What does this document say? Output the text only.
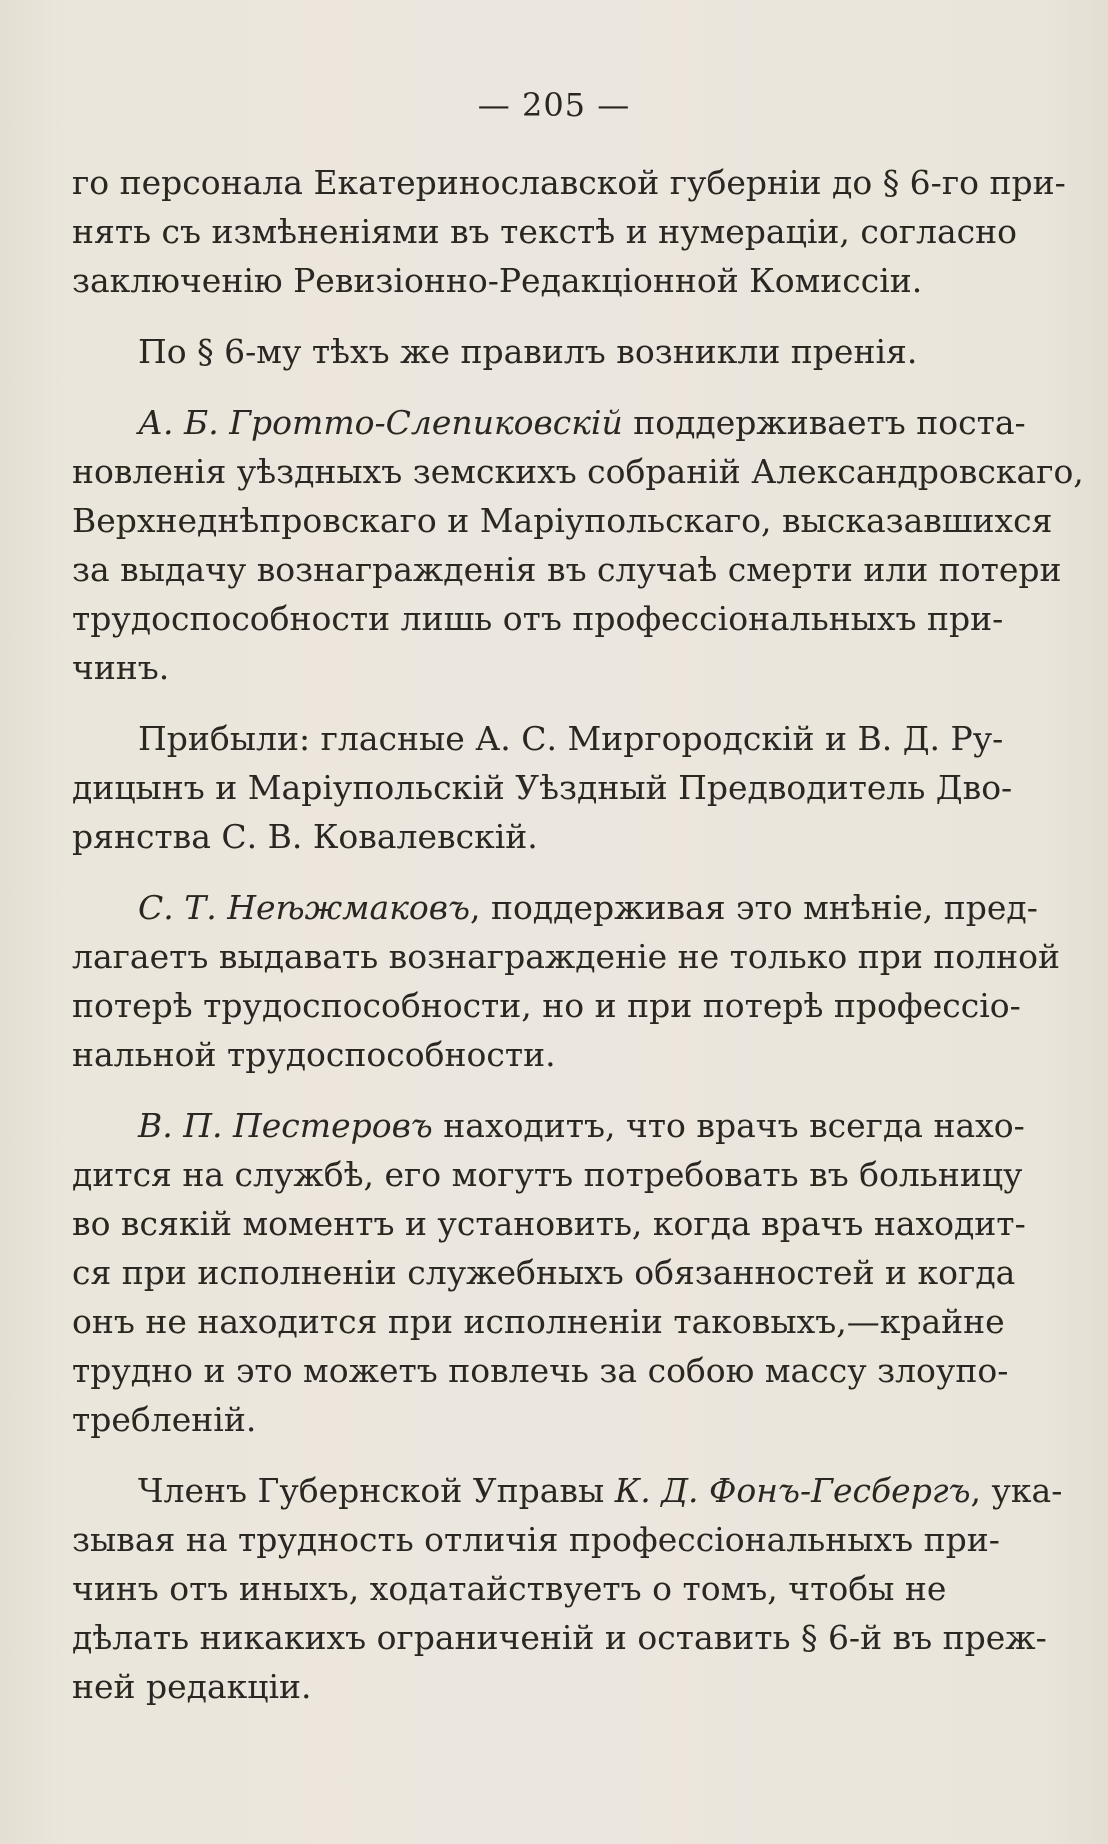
— 205 —

го персонала Екатеринославской губерніи до § 6-го при-
нять съ измѣненіями въ текстѣ и нумераціи, согласно
заключенію Ревизіонно-Редакціонной Комиссіи.

По § 6-му тѣхъ же правилъ возникли пренія.

А. Б. Гротто-Слепиковскій поддерживаетъ поста-
новленія уѣздныхъ земскихъ собраній Александровскаго,
Верхнеднѣпровскаго и Маріупольскаго, высказавшихся
за выдачу вознагражденія въ случаѣ смерти или потери
трудоспособности лишь отъ профессіональныхъ при-
чинъ.

Прибыли: гласные А. С. Миргородскій и В. Д. Ру-
дицынъ и Маріупольскій Уѣздный Предводитель Дво-
рянства С. В. Ковалевскій.

С. Т. Неѣжмаковъ, поддерживая это мнѣніе, пред-
лагаетъ выдавать вознагражденіе не только при полной
потерѣ трудоспособности, но и при потерѣ профессіо-
нальной трудоспособности.

В. П. Пестеровъ находитъ, что врачъ всегда нахо-
дится на службѣ, его могутъ потребовать въ больницу
во всякій моментъ и установить, когда врачъ находит-
ся при исполненіи служебныхъ обязанностей и когда
онъ не находится при исполненіи таковыхъ,—крайне
трудно и это можетъ повлечь за собою массу злоупо-
требленій.

Членъ Губернской Управы К. Д. Фонъ-Гесбергъ, ука-
зывая на трудность отличія профессіональныхъ при-
чинъ отъ иныхъ, ходатайствуетъ о томъ, чтобы не
дѣлать никакихъ ограниченій и оставить § 6-й въ преж-
ней редакціи.
